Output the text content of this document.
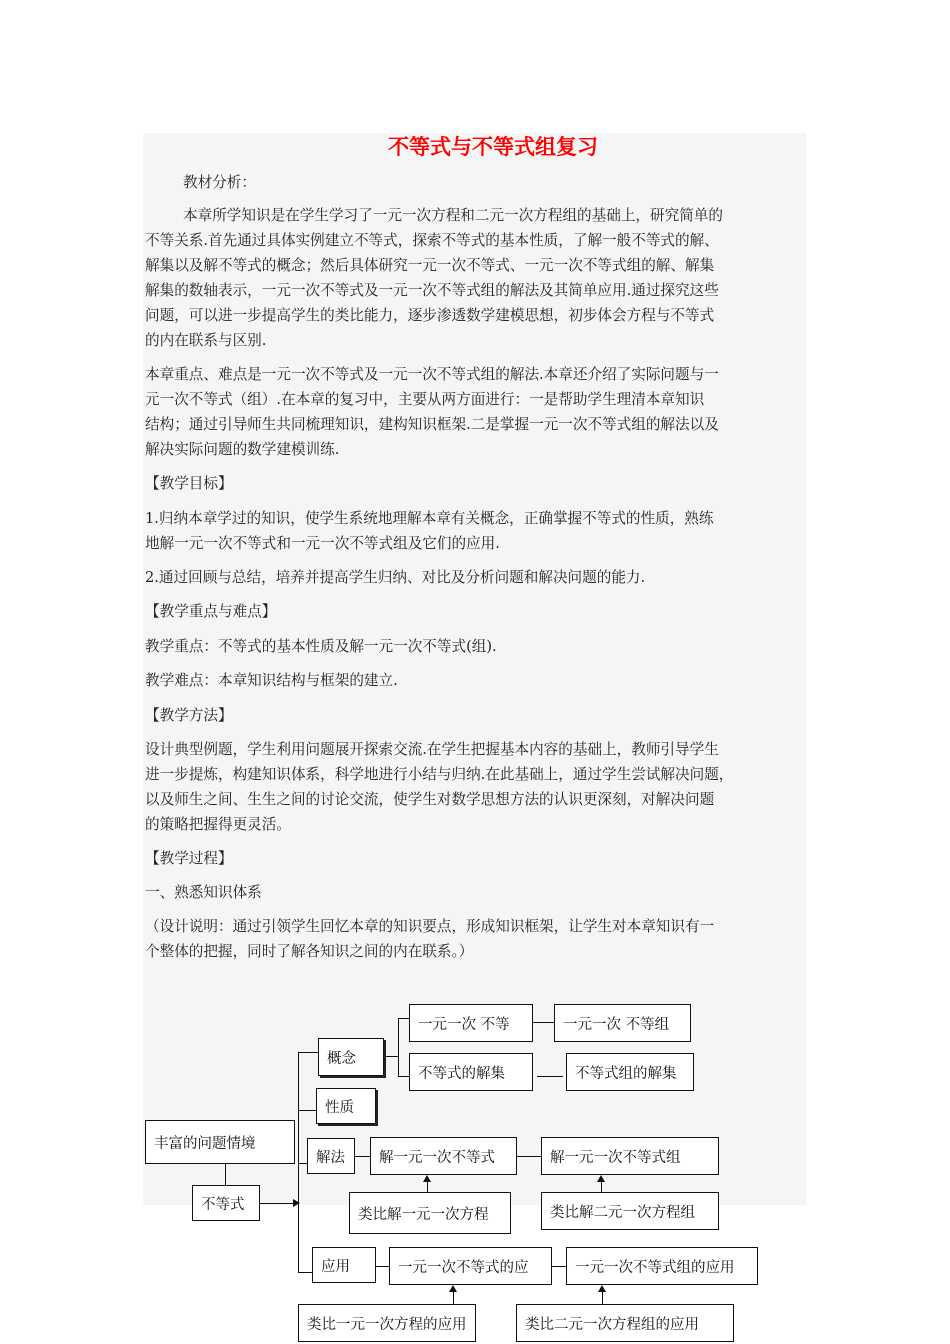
不等式与不等式组复习
教材分析：
本章所学知识是在学生学习了一元一次方程和二元一次方程组的基础上，研究简单的
不等关系.首先通过具体实例建立不等式，探索不等式的基本性质，了解一般不等式的解、
解集以及解不等式的概念；然后具体研究一元一次不等式、一元一次不等式组的解、解集
解集的数轴表示，一元一次不等式及一元一次不等式组的解法及其简单应用.通过探究这些
问题，可以进一步提高学生的类比能力，逐步渗透数学建模思想，初步体会方程与不等式
的内在联系与区别.
本章重点、难点是一元一次不等式及一元一次不等式组的解法.本章还介绍了实际问题与一
元一次不等式（组）.在本章的复习中，主要从两方面进行：一是帮助学生理清本章知识
结构；通过引导师生共同梳理知识，建构知识框架.二是掌握一元一次不等式组的解法以及
解决实际问题的数学建模训练.
【教学目标】
1.归纳本章学过的知识，使学生系统地理解本章有关概念，正确掌握不等式的性质，熟练
地解一元一次不等式和一元一次不等式组及它们的应用.
2.通过回顾与总结，培养并提高学生归纳、对比及分析问题和解决问题的能力.
【教学重点与难点】
教学重点：不等式的基本性质及解一元一次不等式(组).
教学难点：本章知识结构与框架的建立.
【教学方法】
设计典型例题，学生利用问题展开探索交流.在学生把握基本内容的基础上，教师引导学生
进一步提炼，构建知识体系，科学地进行小结与归纳.在此基础上，通过学生尝试解决问题，
以及师生之间、生生之间的讨论交流，使学生对数学思想方法的认识更深刻，对解决问题
的策略把握得更灵活。
【教学过程】
一、熟悉知识体系
（设计说明：通过引领学生回忆本章的知识要点，形成知识框架，让学生对本章知识有一
个整体的把握，同时了解各知识之间的内在联系。）
丰富的问题情境
不等式
概念
性质
解法
应用
一元一次 不等	一元一次 不等组
不等式的解集	不等式组的解集
解一元一次不等式	解一元一次不等式组
类比解一元一次方程	类比解二元一次方程组
一元一次不等式的应	一元一次不等式组的应用
类比一元一次方程的应用	类比二元一次方程组的应用
